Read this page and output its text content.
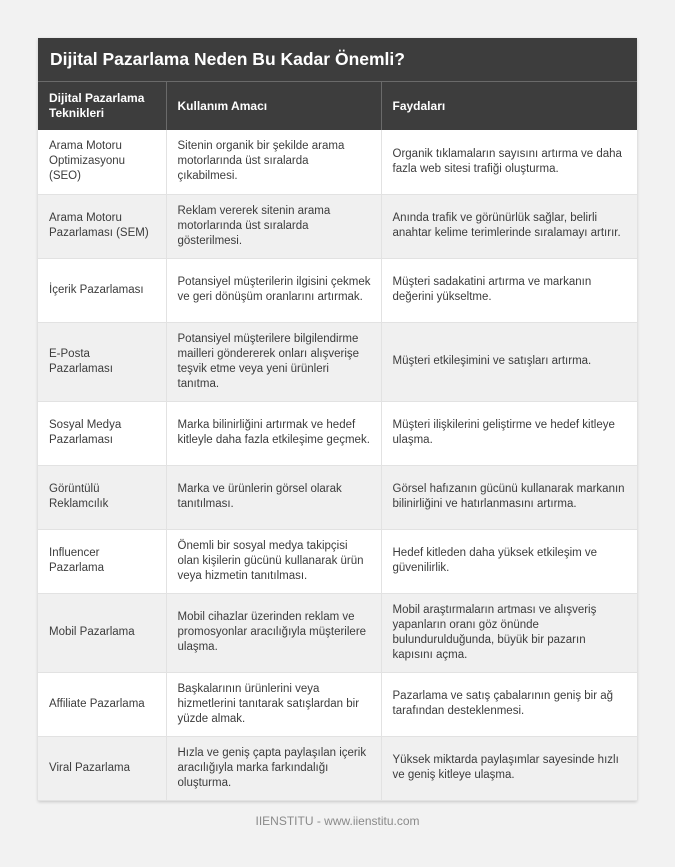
Dijital Pazarlama Neden Bu Kadar Önemli?
Dijital Pazarlama Teknikleri	Kullanım Amacı	Faydaları
Arama Motoru Optimizasyonu (SEO)	Sitenin organik bir şekilde arama motorlarında üst sıralarda çıkabilmesi.	Organik tıklamaların sayısını artırma ve daha fazla web sitesi trafiği oluşturma.
Arama Motoru Pazarlaması (SEM)	Reklam vererek sitenin arama motorlarında üst sıralarda gösterilmesi.	Anında trafik ve görünürlük sağlar, belirli anahtar kelime terimlerinde sıralamayı artırır.
İçerik Pazarlaması	Potansiyel müşterilerin ilgisini çekmek ve geri dönüşüm oranlarını artırmak.	Müşteri sadakatini artırma ve markanın değerini yükseltme.
E-Posta Pazarlaması	Potansiyel müşterilere bilgilendirme mailleri göndererek onları alışverişe teşvik etme veya yeni ürünleri tanıtma.	Müşteri etkileşimini ve satışları artırma.
Sosyal Medya Pazarlaması	Marka bilinirliğini artırmak ve hedef kitleyle daha fazla etkileşime geçmek.	Müşteri ilişkilerini geliştirme ve hedef kitleye ulaşma.
Görüntülü Reklamcılık	Marka ve ürünlerin görsel olarak tanıtılması.	Görsel hafızanın gücünü kullanarak markanın bilinirliğini ve hatırlanmasını artırma.
Influencer Pazarlama	Önemli bir sosyal medya takipçisi olan kişilerin gücünü kullanarak ürün veya hizmetin tanıtılması.	Hedef kitleden daha yüksek etkileşim ve güvenilirlik.
Mobil Pazarlama	Mobil cihazlar üzerinden reklam ve promosyonlar aracılığıyla müşterilere ulaşma.	Mobil araştırmaların artması ve alışveriş yapanların oranı göz önünde bulundurulduğunda, büyük bir pazarın kapısını açma.
Affiliate Pazarlama	Başkalarının ürünlerini veya hizmetlerini tanıtarak satışlardan bir yüzde almak.	Pazarlama ve satış çabalarının geniş bir ağ tarafından desteklenmesi.
Viral Pazarlama	Hızla ve geniş çapta paylaşılan içerik aracılığıyla marka farkındalığı oluşturma.	Yüksek miktarda paylaşımlar sayesinde hızlı ve geniş kitleye ulaşma.
IIENSTITU - www.iienstitu.com
